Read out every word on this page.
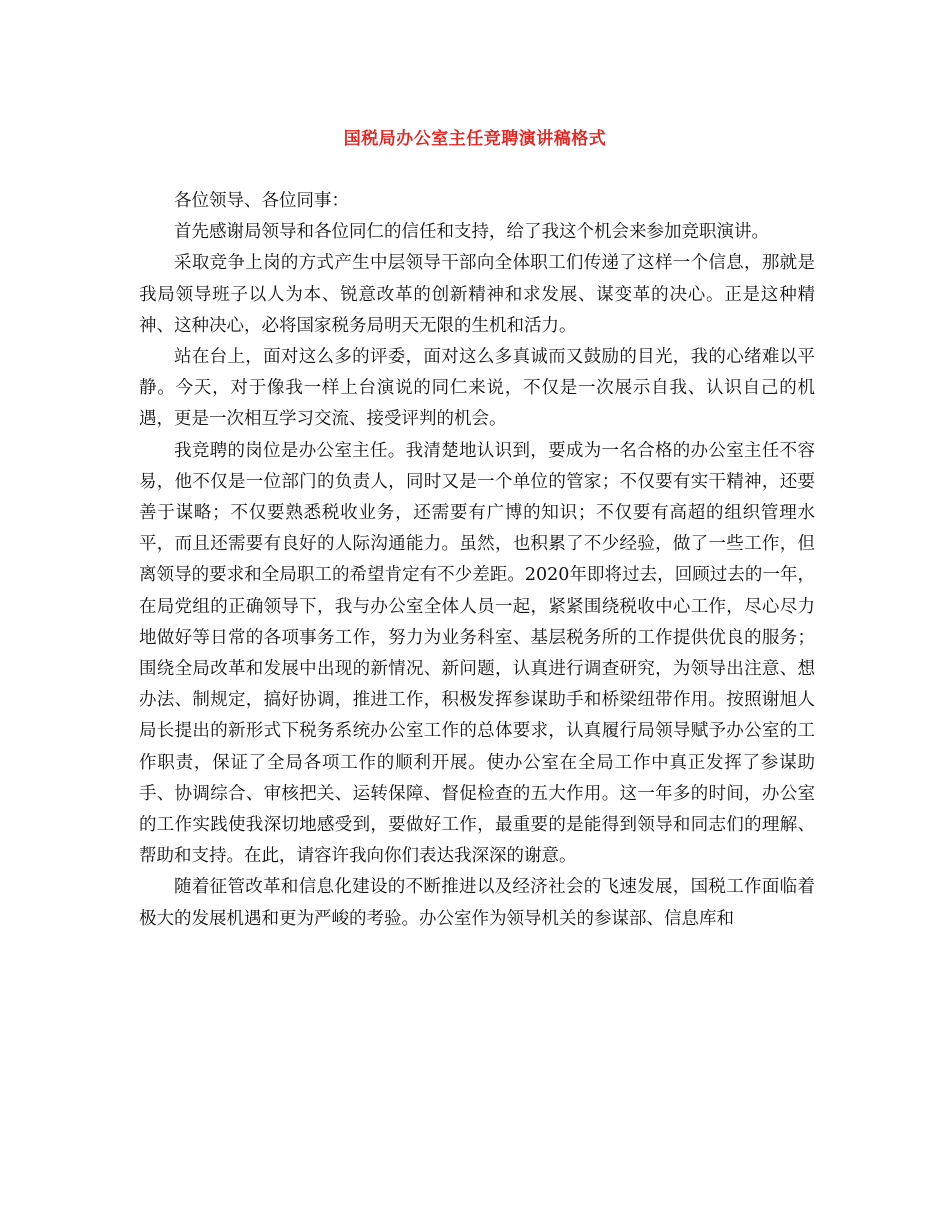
国税局办公室主任竞聘演讲稿格式

各位领导、各位同事：

首先感谢局领导和各位同仁的信任和支持，给了我这个机会来参加竞职演讲。

采取竞争上岗的方式产生中层领导干部向全体职工们传递了这样一个信息，那就是我局领导班子以人为本、锐意改革的创新精神和求发展、谋变革的决心。正是这种精神、这种决心，必将国家税务局明天无限的生机和活力。

站在台上，面对这么多的评委，面对这么多真诚而又鼓励的目光，我的心绪难以平静。今天，对于像我一样上台演说的同仁来说，不仅是一次展示自我、认识自己的机遇，更是一次相互学习交流、接受评判的机会。

我竞聘的岗位是办公室主任。我清楚地认识到，要成为一名合格的办公室主任不容易，他不仅是一位部门的负责人，同时又是一个单位的管家；不仅要有实干精神，还要善于谋略；不仅要熟悉税收业务，还需要有广博的知识；不仅要有高超的组织管理水平，而且还需要有良好的人际沟通能力。虽然，也积累了不少经验，做了一些工作，但离领导的要求和全局职工的希望肯定有不少差距。2020年即将过去，回顾过去的一年，在局党组的正确领导下，我与办公室全体人员一起，紧紧围绕税收中心工作，尽心尽力地做好等日常的各项事务工作，努力为业务科室、基层税务所的工作提供优良的服务；围绕全局改革和发展中出现的新情况、新问题，认真进行调查研究，为领导出注意、想办法、制规定，搞好协调，推进工作，积极发挥参谋助手和桥梁纽带作用。按照谢旭人局长提出的新形式下税务系统办公室工作的总体要求，认真履行局领导赋予办公室的工作职责，保证了全局各项工作的顺利开展。使办公室在全局工作中真正发挥了参谋助手、协调综合、审核把关、运转保障、督促检查的五大作用。这一年多的时间，办公室的工作实践使我深切地感受到，要做好工作，最重要的是能得到领导和同志们的理解、帮助和支持。在此，请容许我向你们表达我深深的谢意。

随着征管改革和信息化建设的不断推进以及经济社会的飞速发展，国税工作面临着极大的发展机遇和更为严峻的考验。办公室作为领导机关的参谋部、信息库和
